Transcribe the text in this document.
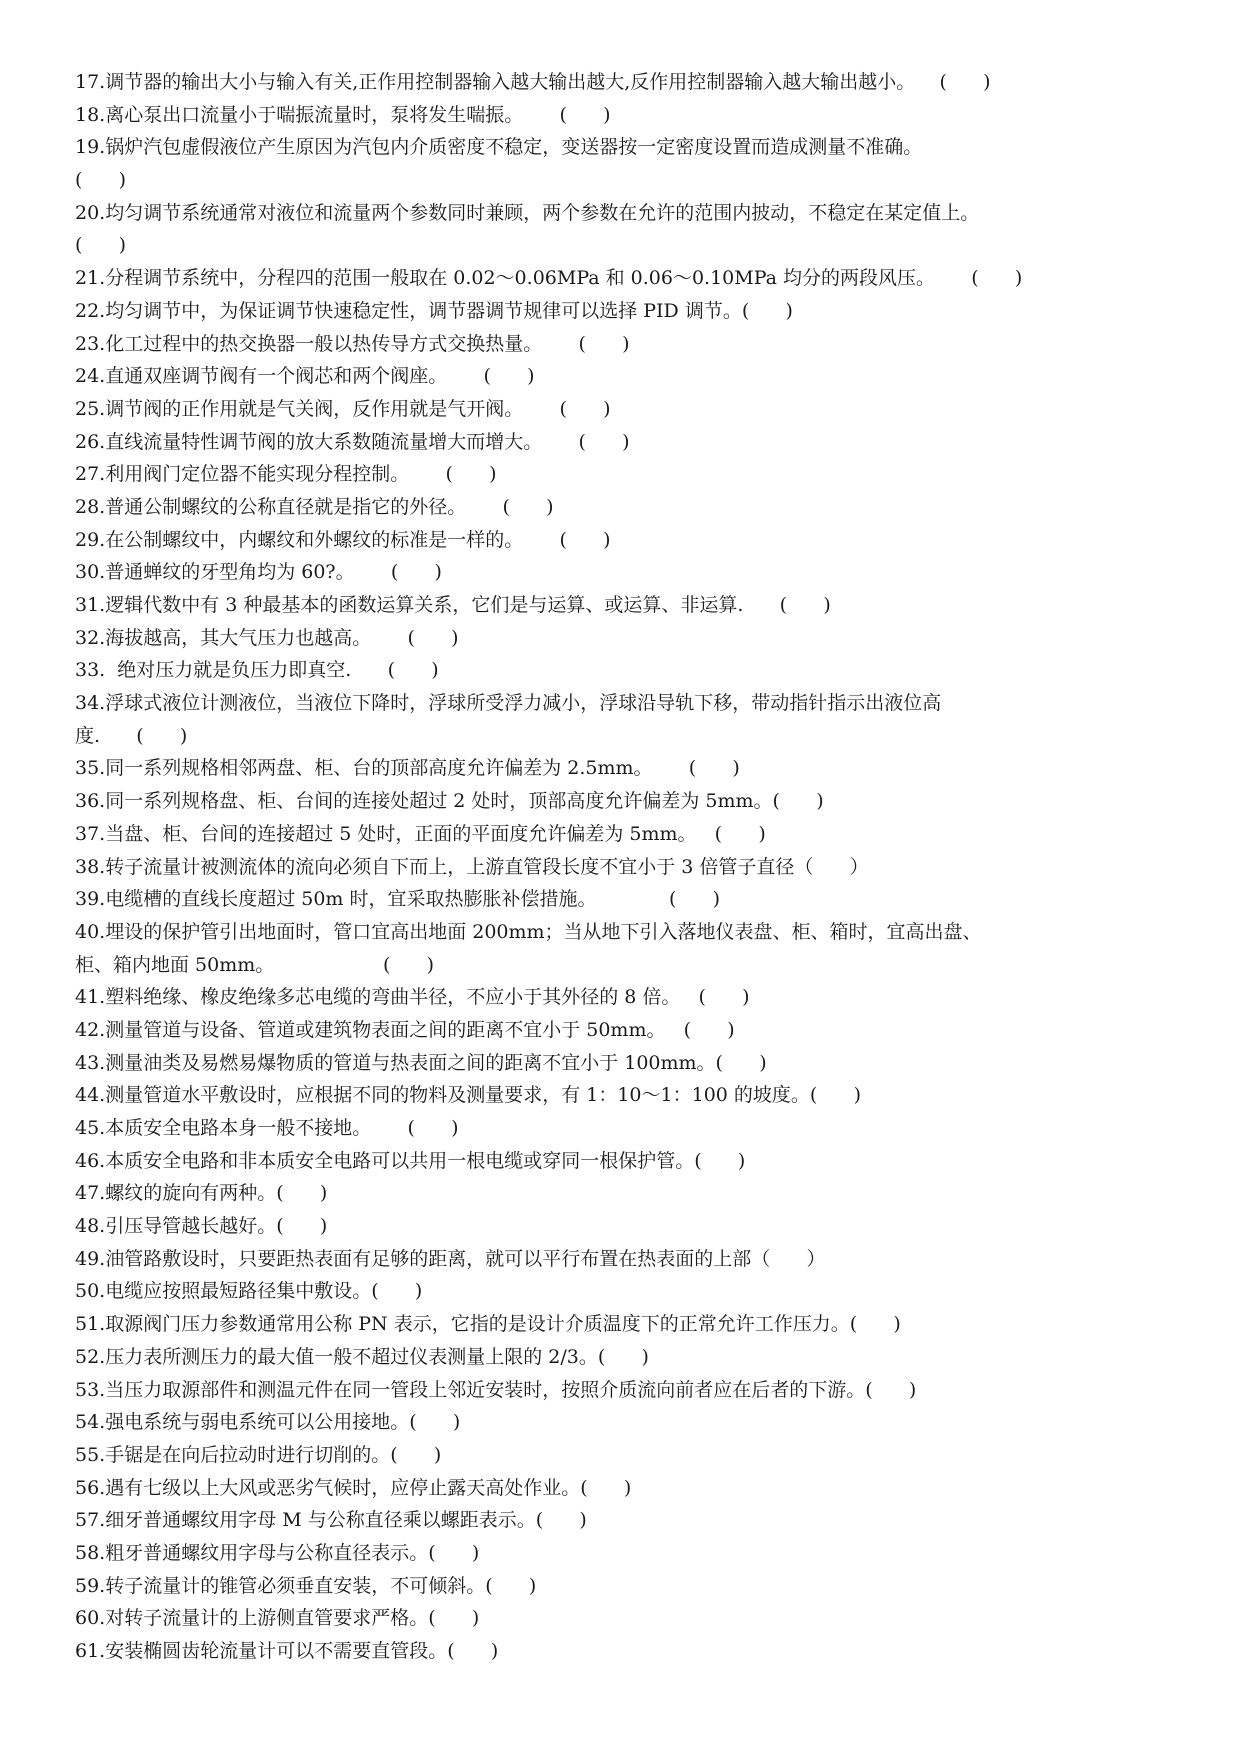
17.调节器的输出大小与输入有关,正作用控制器输入越大输出越大,反作用控制器输入越大输出越小。    (      )
18.离心泵出口流量小于喘振流量时，泵将发生喘振。      (      )
19.锅炉汽包虚假液位产生原因为汽包内介质密度不稳定，变送器按一定密度设置而造成测量不准确。
(      )
20.均匀调节系统通常对液位和流量两个参数同时兼顾，两个参数在允许的范围内披动，不稳定在某定值上。
(      )
21.分程调节系统中，分程四的范围一般取在 0.02～0.06MPa 和 0.06～0.10MPa 均分的两段风压。      (      )
22.均匀调节中，为保证调节快速稳定性，调节器调节规律可以选择 PID 调节。(      )
23.化工过程中的热交换器一般以热传导方式交换热量。      (      )
24.直通双座调节阀有一个阀芯和两个阀座。      (      )
25.调节阀的正作用就是气关阀，反作用就是气开阀。      (      )
26.直线流量特性调节阀的放大系数随流量增大而增大。      (      )
27.利用阀门定位器不能实现分程控制。      (      )
28.普通公制螺纹的公称直径就是指它的外径。      (      )
29.在公制螺纹中，内螺纹和外螺纹的标准是一样的。      (      )
30.普通蝉纹的牙型角均为 60?。      (      )
31.逻辑代数中有 3 种最基本的函数运算关系，它们是与运算、或运算、非运算.      (      )
32.海拔越高，其大气压力也越高。      (      )
33.  绝对压力就是负压力即真空.      (      )
34.浮球式液位计测液位，当液位下降时，浮球所受浮力减小，浮球沿导轨下移，带动指针指示出液位高
度.      (      )
35.同一系列规格相邻两盘、柜、台的顶部高度允许偏差为 2.5mm。      (      )
36.同一系列规格盘、柜、台间的连接处超过 2 处时，顶部高度允许偏差为 5mm。(      )
37.当盘、柜、台间的连接超过 5 处时，正面的平面度允许偏差为 5mm。   (      )
38.转子流量计被测流体的流向必须自下而上，上游直管段长度不宜小于 3 倍管子直径（      ）
39.电缆槽的直线长度超过 50m 时，宜采取热膨胀补偿措施。            (      )
40.埋设的保护管引出地面时，管口宜高出地面 200mm；当从地下引入落地仪表盘、柜、箱时，宜高出盘、
柜、箱内地面 50mm。                  (      )
41.塑料绝缘、橡皮绝缘多芯电缆的弯曲半径，不应小于其外径的 8 倍。   (      )
42.测量管道与设备、管道或建筑物表面之间的距离不宜小于 50mm。   (      )
43.测量油类及易燃易爆物质的管道与热表面之间的距离不宜小于 100mm。(      )
44.测量管道水平敷设时，应根据不同的物料及测量要求，有 1：10～1：100 的坡度。(      )
45.本质安全电路本身一般不接地。      (      )
46.本质安全电路和非本质安全电路可以共用一根电缆或穿同一根保护管。(      )
47.螺纹的旋向有两种。(      )
48.引压导管越长越好。(      )
49.油管路敷设时，只要距热表面有足够的距离，就可以平行布置在热表面的上部（      ）
50.电缆应按照最短路径集中敷设。(      )
51.取源阀门压力参数通常用公称 PN 表示，它指的是设计介质温度下的正常允许工作压力。(      )
52.压力表所测压力的最大值一般不超过仪表测量上限的 2/3。(      )
53.当压力取源部件和测温元件在同一管段上邻近安装时，按照介质流向前者应在后者的下游。(      )
54.强电系统与弱电系统可以公用接地。(      )
55.手锯是在向后拉动时进行切削的。(      )
56.遇有七级以上大风或恶劣气候时，应停止露天高处作业。(      )
57.细牙普通螺纹用字母 M 与公称直径乘以螺距表示。(      )
58.粗牙普通螺纹用字母与公称直径表示。(      )
59.转子流量计的锥管必须垂直安装，不可倾斜。(      )
60.对转子流量计的上游侧直管要求严格。(      )
61.安装椭圆齿轮流量计可以不需要直管段。(      )
